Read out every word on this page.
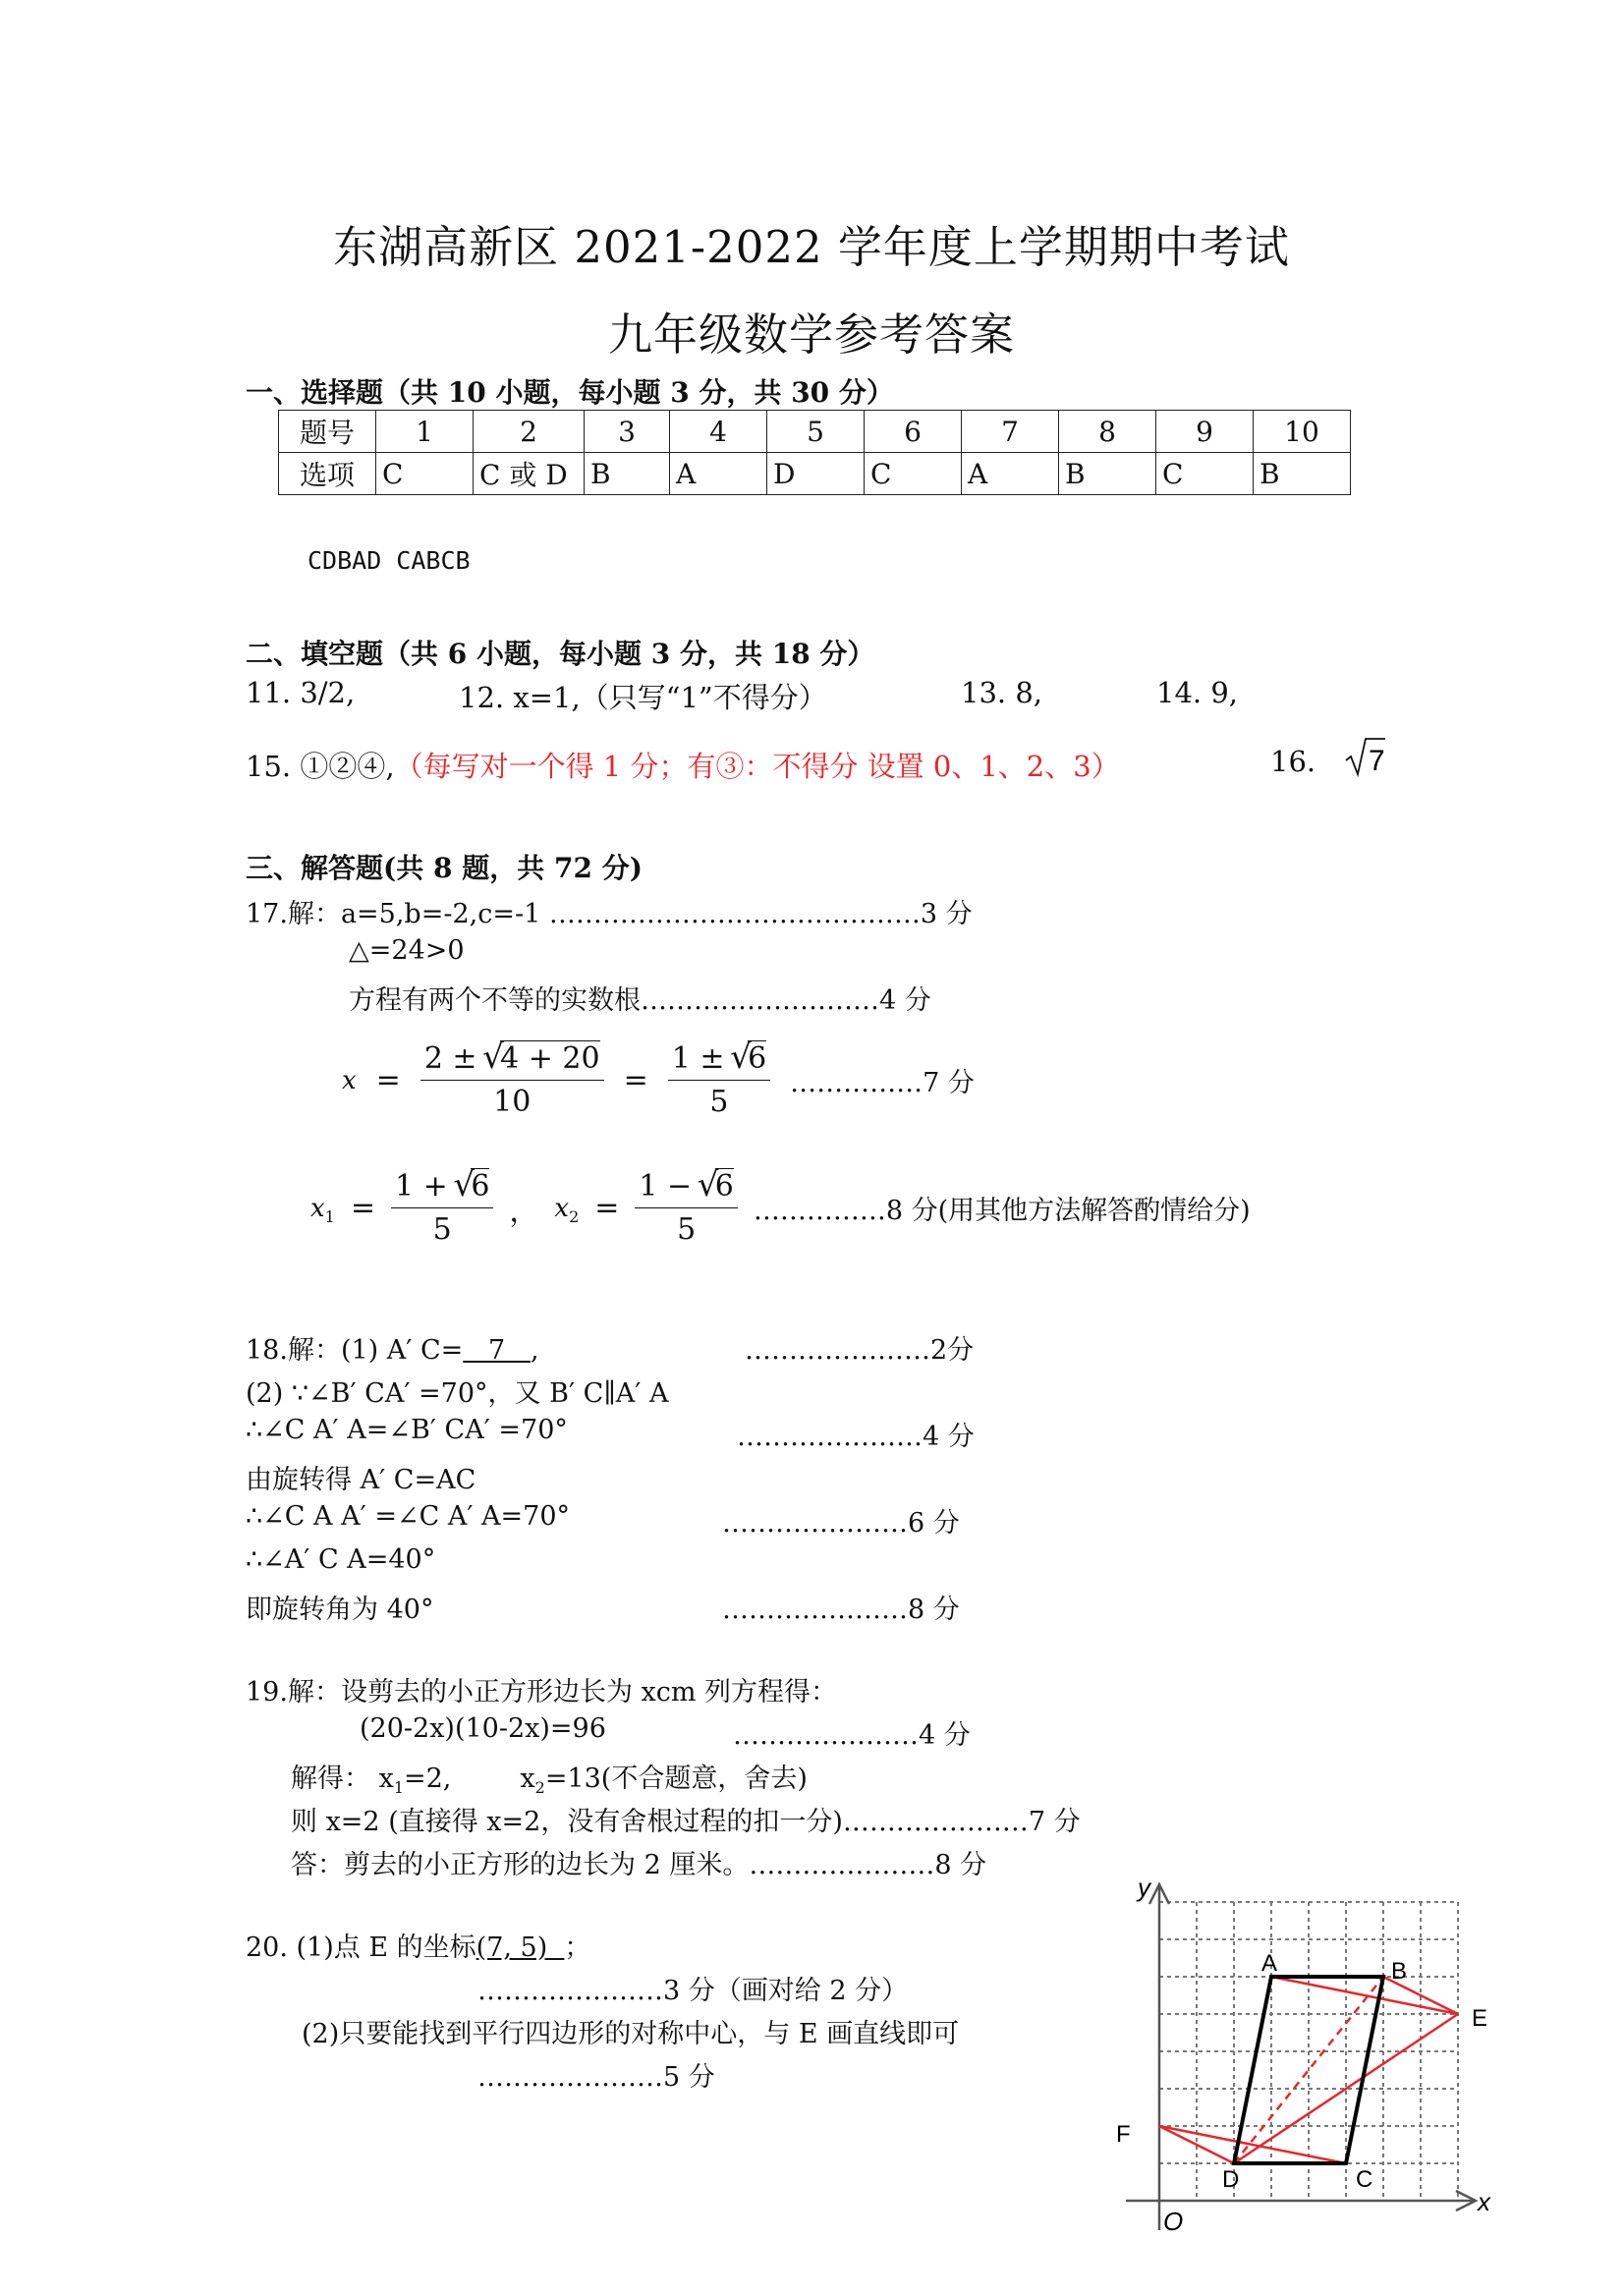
东湖高新区 2021-2022 学年度上学期期中考试
九年级数学参考答案
一、选择题（共 10 小题，每小题 3 分，共 30 分）
题号	1	2	3	4	5	6	7	8	9	10
选项	C	C 或 D	B	A	D	C	A	B	C	B
CDBAD CABCB
二、填空题（共 6 小题，每小题 3 分，共 18 分）
11. 3/2,	12. x=1,（只写“1”不得分）	13. 8,	14. 9,
15. ①②④,（每写对一个得 1 分；有③：不得分 设置 0、1、2、3）	16. 7
三、解答题(共 8 题，共 72 分)
17.解：a=5,b=-2,c=-1 ……………………………………3 分
△=24>0
方程有两个不等的实数根………………………4 分
x = 2 ± √
4 + 20
10 = 1 ± √
6
5 ……………7 分
$x_1 = 1$ + √
6
5 ， $x_2 = 1$ − √
6
5 ……………8 分(用其他方法解答酌情给分)
18.解：(1) A′ C=   7   ,	…………………2分
(2) ∵∠B′ CA′ =70°，又 B′ C∥A′ A
∴∠C A′ A=∠B′ CA′ =70°	…………………4 分
由旋转得 A′ C=AC
∴∠C A A′ =∠C A′ A=70°	…………………6 分
∴∠A′ C A=40°
即旋转角为 40°	…………………8 分
19.解：设剪去的小正方形边长为 xcm 列方程得：
(20-2x)(10-2x)=96	…………………4 分
解得： $x_1=2$,	$x_2=13$(不合题意，舍去)
则 x=2 (直接得 x=2，没有舍根过程的扣一分)…………………7 分
答：剪去的小正方形的边长为 2 厘米。…………………8 分
20. (1)点 E 的坐标(7, 5)  ；
…………………3 分（画对给 2 分）
(2)只要能找到平行四边形的对称中心，与 E 画直线即可
…………………5 分
A	B
C
D
E
F
O
x
y
